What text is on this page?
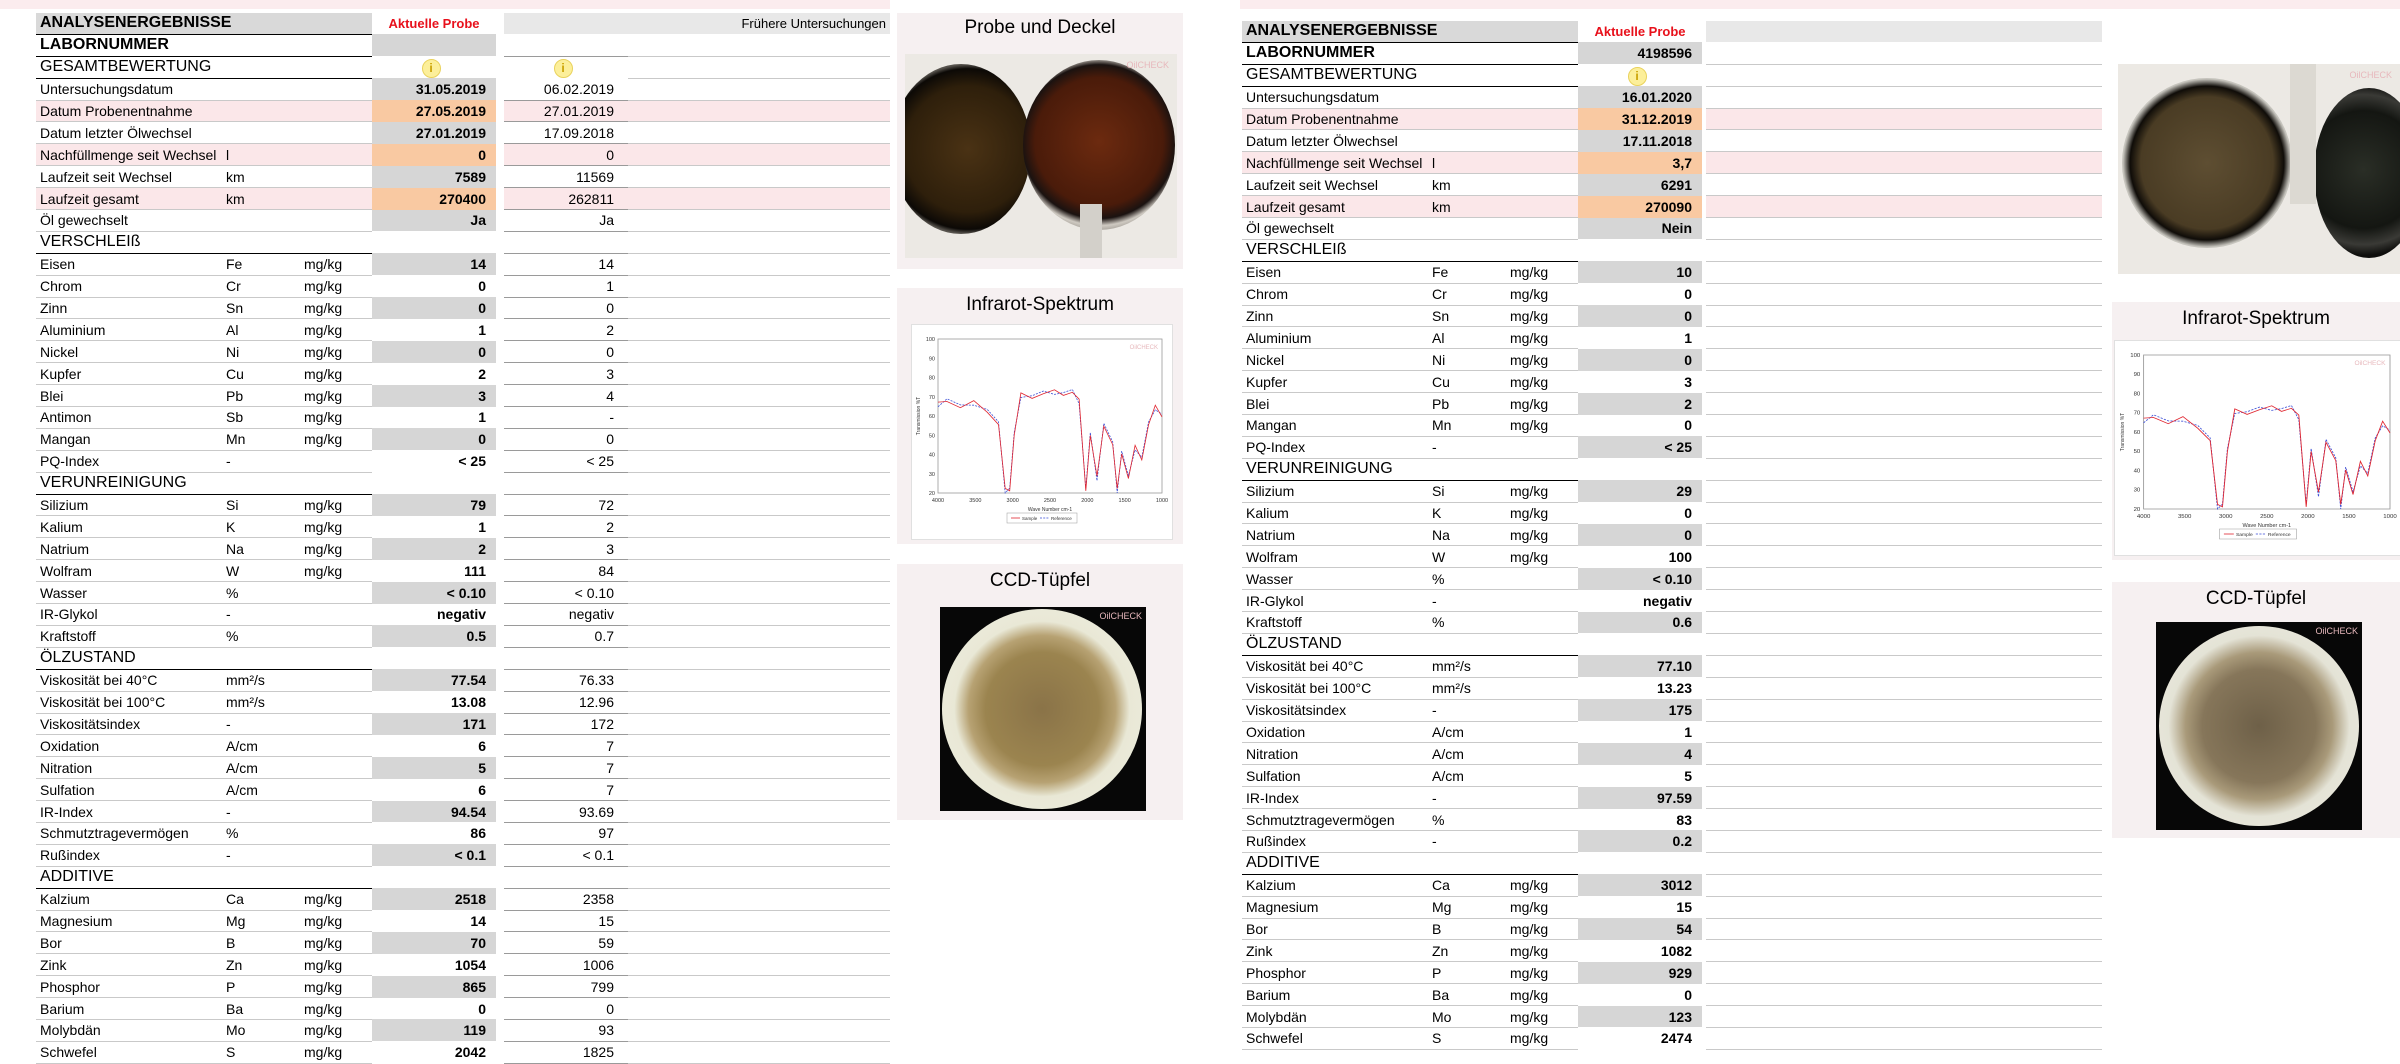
ANALYSENERGEBNISSE			Aktuelle Probe		Frühere Untersuchungen	
LABORNUMMER						
GESAMTBEWERTUNG			i		i	
Untersuchungsdatum			31.05.2019		06.02.2019	
Datum Probenentnahme			27.05.2019		27.01.2019	
Datum letzter Ölwechsel			27.01.2019		17.09.2018	
Nachfüllmenge seit Wechsel	l		0		0	
Laufzeit seit Wechsel	km		7589		11569	
Laufzeit gesamt	km		270400		262811	
Öl gewechselt			Ja		Ja	
VERSCHLEIß						
Eisen	Fe	mg/kg	14		14	
Chrom	Cr	mg/kg	0		1	
Zinn	Sn	mg/kg	0		0	
Aluminium	Al	mg/kg	1		2	
Nickel	Ni	mg/kg	0		0	
Kupfer	Cu	mg/kg	2		3	
Blei	Pb	mg/kg	3		4	
Antimon	Sb	mg/kg	1		-	
Mangan	Mn	mg/kg	0		0	
PQ-Index	-		< 25		< 25	
VERUNREINIGUNG						
Silizium	Si	mg/kg	79		72	
Kalium	K	mg/kg	1		2	
Natrium	Na	mg/kg	2		3	
Wolfram	W	mg/kg	111		84	
Wasser	%		< 0.10		< 0.10	
IR-Glykol	-		negativ		negativ	
Kraftstoff	%		0.5		0.7	
ÖLZUSTAND						
Viskosität bei 40°C	mm²/s		77.54		76.33	
Viskosität bei 100°C	mm²/s		13.08		12.96	
Viskositätsindex	-		171		172	
Oxidation	A/cm		6		7	
Nitration	A/cm		5		7	
Sulfation	A/cm		6		7	
IR-Index	-		94.54		93.69	
Schmutztragevermögen	%		86		97	
Rußindex	-		< 0.1		< 0.1	
ADDITIVE						
Kalzium	Ca	mg/kg	2518		2358	
Magnesium	Mg	mg/kg	14		15	
Bor	B	mg/kg	70		59	
Zink	Zn	mg/kg	1054		1006	
Phosphor	P	mg/kg	865		799	
Barium	Ba	mg/kg	0		0	
Molybdän	Mo	mg/kg	119		93	
Schwefel	S	mg/kg	2042		1825	
Probe und Deckel
OilCHECK
Infrarot-Spektrum
100
90
80
70
60
50
40
30
20
4000	3500	3000	2500	2000	1500	1000
Wave Number cm-1
Transmission %T
Sample	Reference
OilCHECK
CCD-Tüpfel
OilCHECK
ANALYSENERGEBNISSE			Aktuelle Probe		
LABORNUMMER			4198596		
GESAMTBEWERTUNG			i		
Untersuchungsdatum			16.01.2020		
Datum Probenentnahme			31.12.2019		
Datum letzter Ölwechsel			17.11.2018		
Nachfüllmenge seit Wechsel	l		3,7		
Laufzeit seit Wechsel	km		6291		
Laufzeit gesamt	km		270090		
Öl gewechselt			Nein		
VERSCHLEIß					
Eisen	Fe	mg/kg	10		
Chrom	Cr	mg/kg	0		
Zinn	Sn	mg/kg	0		
Aluminium	Al	mg/kg	1		
Nickel	Ni	mg/kg	0		
Kupfer	Cu	mg/kg	3		
Blei	Pb	mg/kg	2		
Mangan	Mn	mg/kg	0		
PQ-Index	-		< 25		
VERUNREINIGUNG					
Silizium	Si	mg/kg	29		
Kalium	K	mg/kg	0		
Natrium	Na	mg/kg	0		
Wolfram	W	mg/kg	100		
Wasser	%		< 0.10		
IR-Glykol	-		negativ		
Kraftstoff	%		0.6		
ÖLZUSTAND					
Viskosität bei 40°C	mm²/s		77.10		
Viskosität bei 100°C	mm²/s		13.23		
Viskositätsindex	-		175		
Oxidation	A/cm		1		
Nitration	A/cm		4		
Sulfation	A/cm		5		
IR-Index	-		97.59		
Schmutztragevermögen	%		83		
Rußindex	-		0.2		
ADDITIVE					
Kalzium	Ca	mg/kg	3012		
Magnesium	Mg	mg/kg	15		
Bor	B	mg/kg	54		
Zink	Zn	mg/kg	1082		
Phosphor	P	mg/kg	929		
Barium	Ba	mg/kg	0		
Molybdän	Mo	mg/kg	123		
Schwefel	S	mg/kg	2474		
OilCHECK
Infrarot-Spektrum
100
90
80
70
60
50
40
30
20
4000	3500	3000	2500	2000	1500	1000
Wave Number cm-1
Transmission %T
Sample	Reference
OilCHECK
CCD-Tüpfel
OilCHECK
